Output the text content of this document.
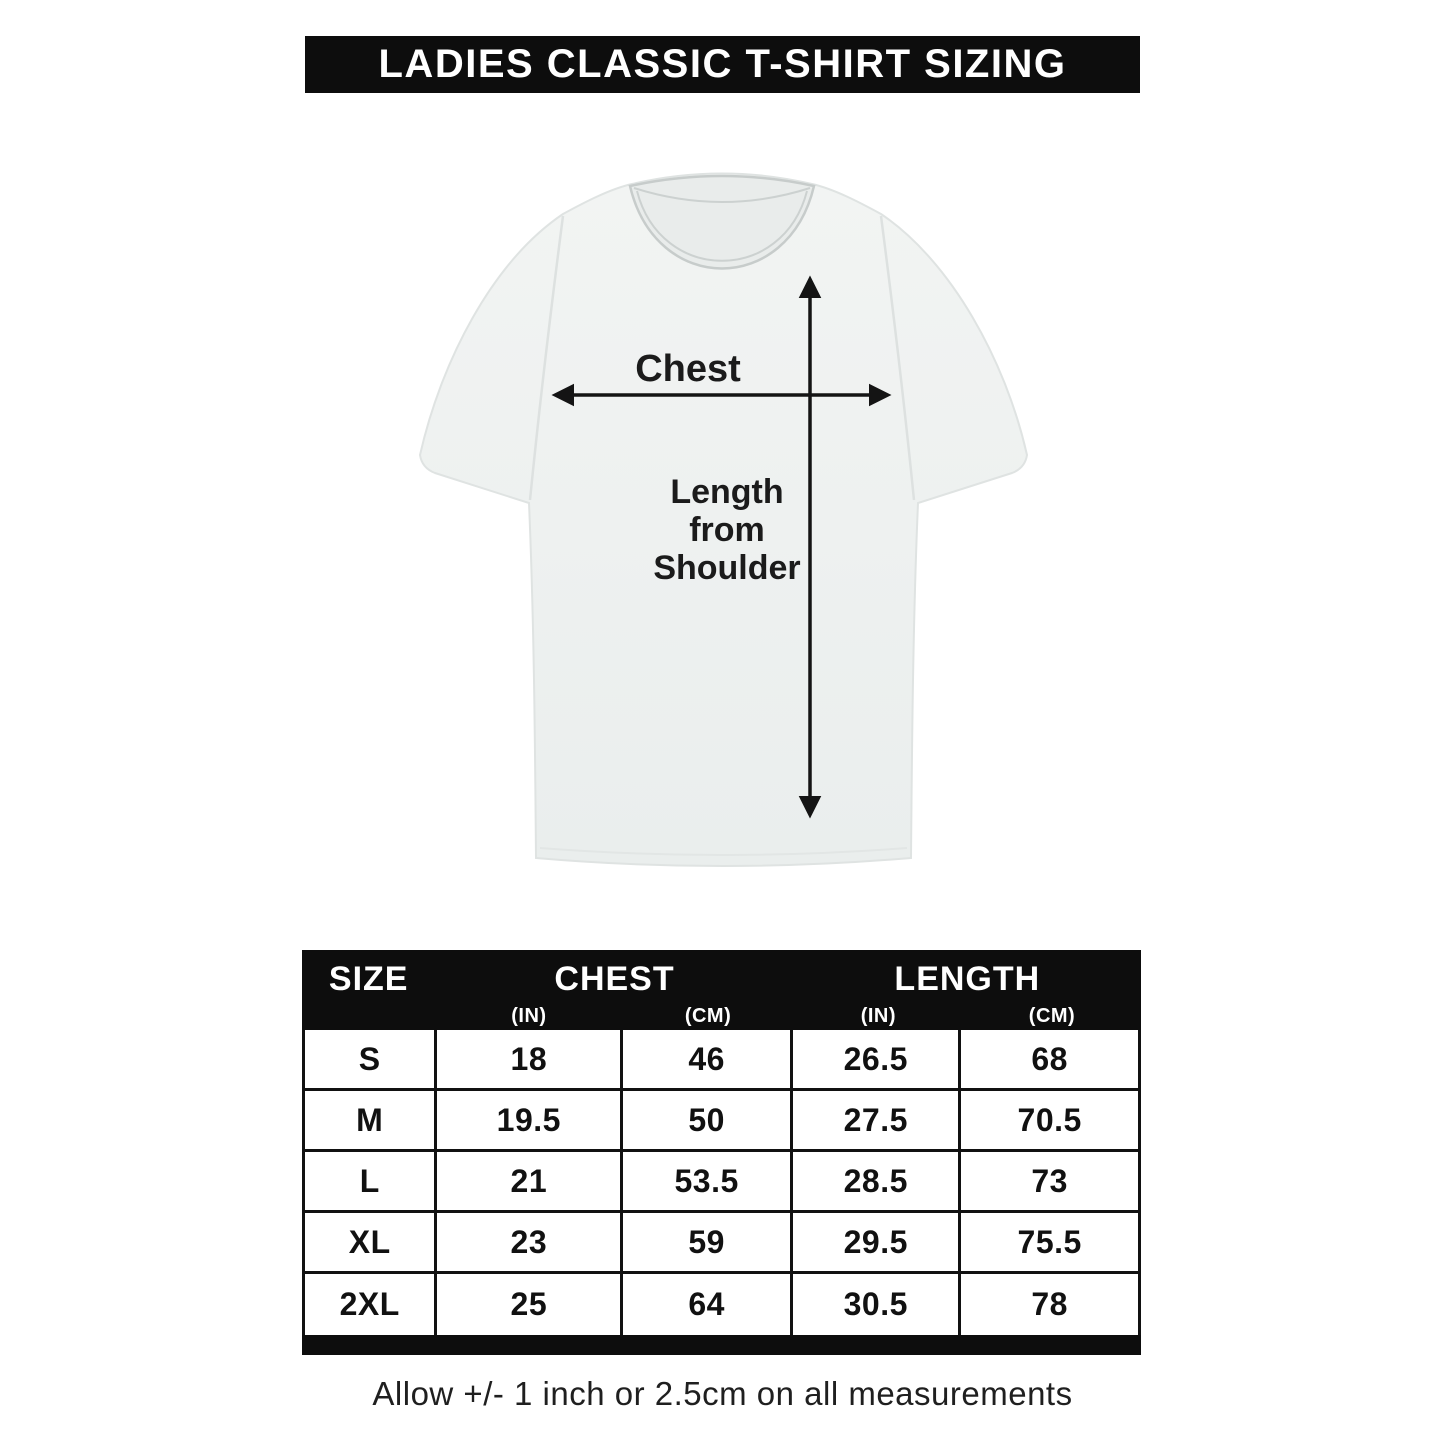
LADIES CLASSIC T-SHIRT SIZING
Chest
Length
from
Shoulder
SIZE	CHEST	LENGTH
(IN)	(CM)	(IN)	(CM)
S	18	46	26.5	68
M	19.5	50	27.5	70.5
L	21	53.5	28.5	73
XL	23	59	29.5	75.5
2XL	25	64	30.5	78
Allow +/- 1 inch or 2.5cm on all measurements
